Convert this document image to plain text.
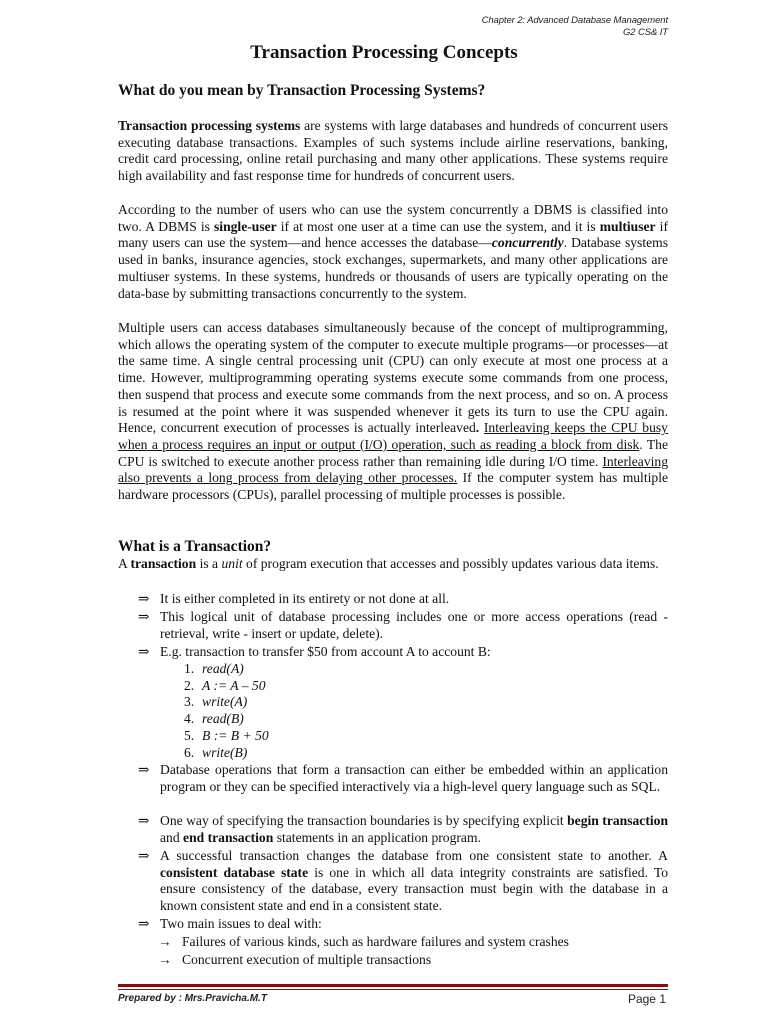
Chapter 2: Advanced Database Management
G2 CS& IT
Transaction Processing Concepts
What do you mean by Transaction Processing Systems?

Transaction processing systems are systems with large databases and hundreds of concurrent users executing database transactions. Examples of such systems include airline reservations, banking, credit card processing, online retail purchasing and many other applications. These systems require high availability and fast response time for hundreds of concurrent users.

According to the number of users who can use the system concurrently a DBMS is classified into two. A DBMS is single-user if at most one user at a time can use the system, and it is multiuser if many users can use the system—and hence accesses the database—concurrently. Database systems used in banks, insurance agencies, stock exchanges, supermarkets, and many other applications are multiuser systems. In these systems, hundreds or thousands of users are typically operating on the data-base by submitting transactions concurrently to the system.

Multiple users can access databases simultaneously because of the concept of multiprogramming, which allows the operating system of the computer to execute multiple programs—or processes—at the same time. A single central processing unit (CPU) can only execute at most one process at a time. However, multiprogramming operating systems execute some commands from one process, then suspend that process and execute some commands from the next process, and so on. A process is resumed at the point where it was suspended whenever it gets its turn to use the CPU again. Hence, concurrent execution of processes is actually interleaved. Interleaving keeps the CPU busy when a process requires an input or output (I/O) operation, such as reading a block from disk. The CPU is switched to execute another process rather than remaining idle during I/O time. Interleaving also prevents a long process from delaying other processes. If the computer system has multiple hardware processors (CPUs), parallel processing of multiple processes is possible.

What is a Transaction?

A transaction is a unit of program execution that accesses and possibly updates various data items.

⇒ It is either completed in its entirety or not done at all.
⇒ This logical unit of database processing includes one or more access operations (read - retrieval, write - insert or update, delete).
⇒ E.g. transaction to transfer $50 from account A to account B:
1. read(A)
2. A := A – 50
3. write(A)
4. read(B)
5. B := B + 50
6. write(B)
⇒ Database operations that form a transaction can either be embedded within an application program or they can be specified interactively via a high-level query language such as SQL.
⇒ One way of specifying the transaction boundaries is by specifying explicit begin transaction and end transaction statements in an application program.
⇒ A successful transaction changes the database from one consistent state to another. A consistent database state is one in which all data integrity constraints are satisfied. To ensure consistency of the database, every transaction must begin with the database in a known consistent state and end in a consistent state.
⇒ Two main issues to deal with:
→ Failures of various kinds, such as hardware failures and system crashes
→ Concurrent execution of multiple transactions
Prepared by : Mrs.Pravicha.M.T	Page 1
